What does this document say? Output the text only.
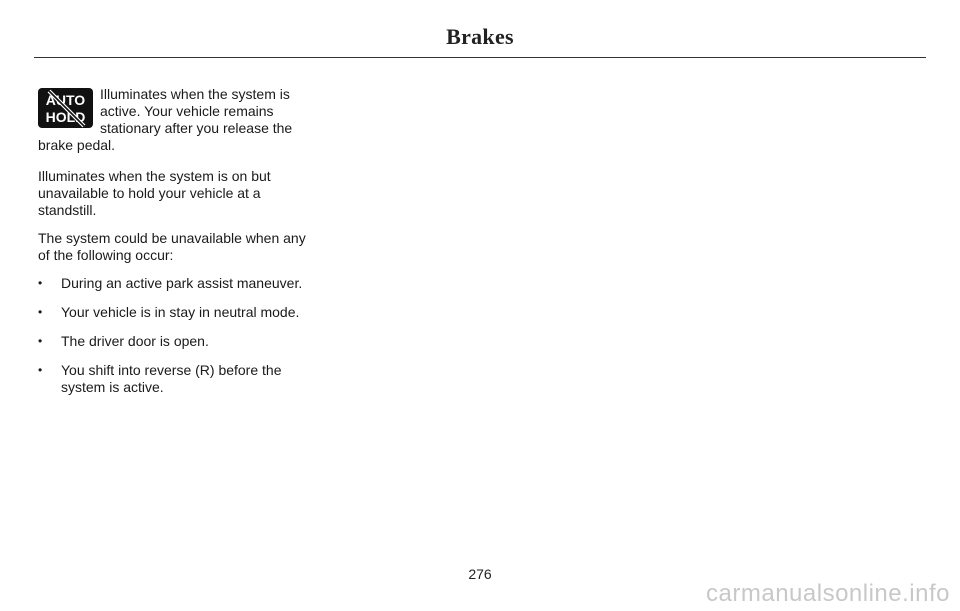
Brakes
AUTO
HOLD

Illuminates when the system is active. Your vehicle remains stationary after you release the brake pedal.

Illuminates when the system is on but unavailable to hold your vehicle at a standstill.

The system could be unavailable when any of the following occur:

• During an active park assist maneuver.
• Your vehicle is in stay in neutral mode.
• The driver door is open.
• You shift into reverse (R) before the system is active.
276
carmanualsonline.info
